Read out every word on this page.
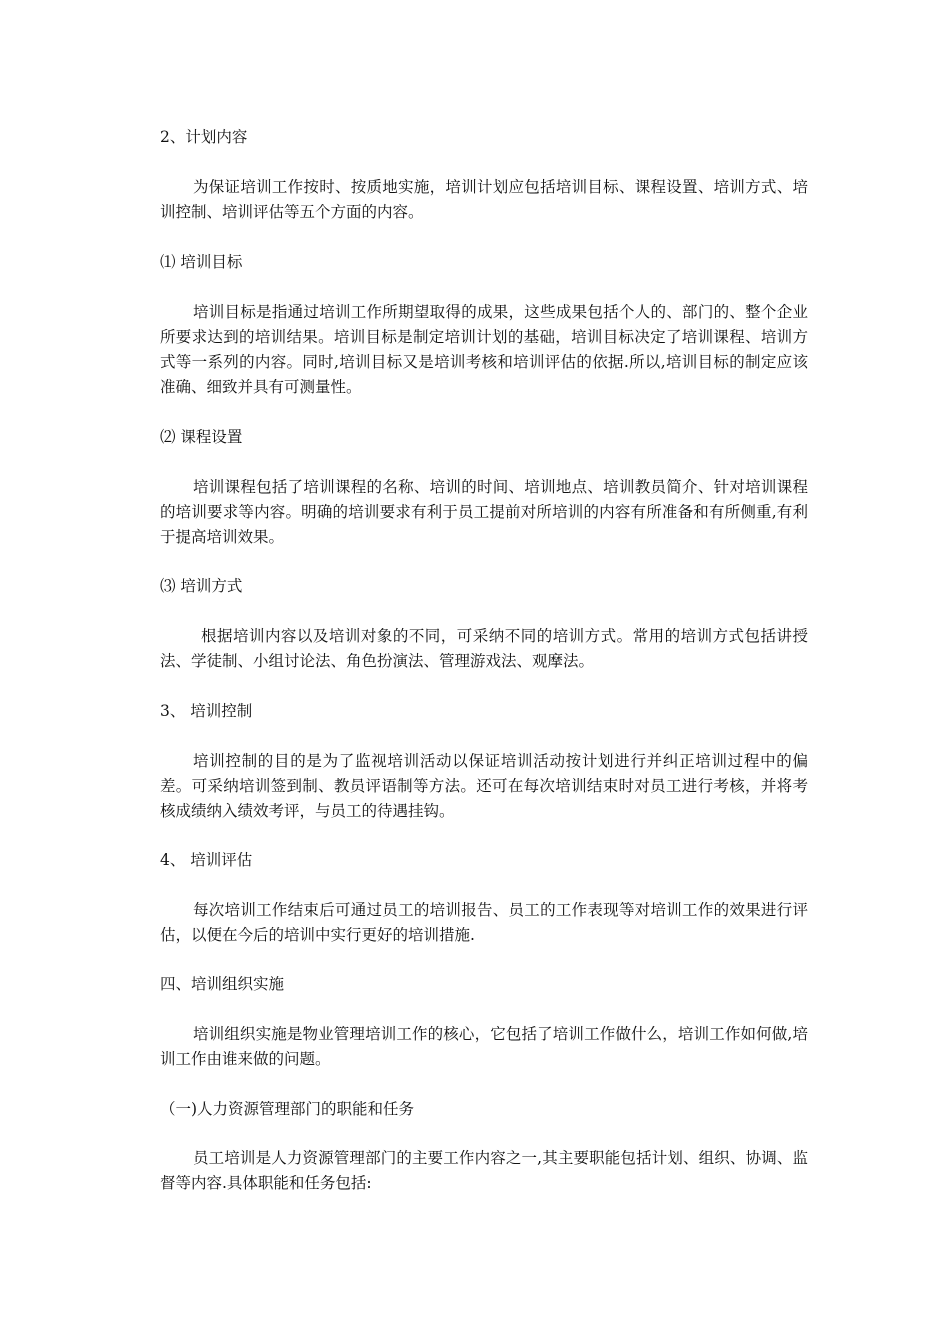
2、计划内容

为保证培训工作按时、按质地实施，培训计划应包括培训目标、课程设置、培训方式、培训控制、培训评估等五个方面的内容。

⑴ 培训目标

培训目标是指通过培训工作所期望取得的成果，这些成果包括个人的、部门的、整个企业所要求达到的培训结果。培训目标是制定培训计划的基础，培训目标决定了培训课程、培训方式等一系列的内容。同时,培训目标又是培训考核和培训评估的依据.所以,培训目标的制定应该准确、细致并具有可测量性。

⑵ 课程设置

培训课程包括了培训课程的名称、培训的时间、培训地点、培训教员简介、针对培训课程的培训要求等内容。明确的培训要求有利于员工提前对所培训的内容有所准备和有所侧重,有利于提高培训效果。

⑶ 培训方式

根据培训内容以及培训对象的不同，可采纳不同的培训方式。常用的培训方式包括讲授法、学徒制、小组讨论法、角色扮演法、管理游戏法、观摩法。

3、 培训控制

培训控制的目的是为了监视培训活动以保证培训活动按计划进行并纠正培训过程中的偏差。可采纳培训签到制、教员评语制等方法。还可在每次培训结束时对员工进行考核，并将考核成绩纳入绩效考评，与员工的待遇挂钩。

4、 培训评估

每次培训工作结束后可通过员工的培训报告、员工的工作表现等对培训工作的效果进行评估，以便在今后的培训中实行更好的培训措施.

四、培训组织实施

培训组织实施是物业管理培训工作的核心，它包括了培训工作做什么，培训工作如何做,培训工作由谁来做的问题。

（一)人力资源管理部门的职能和任务

员工培训是人力资源管理部门的主要工作内容之一,其主要职能包括计划、组织、协调、监督等内容.具体职能和任务包括:
